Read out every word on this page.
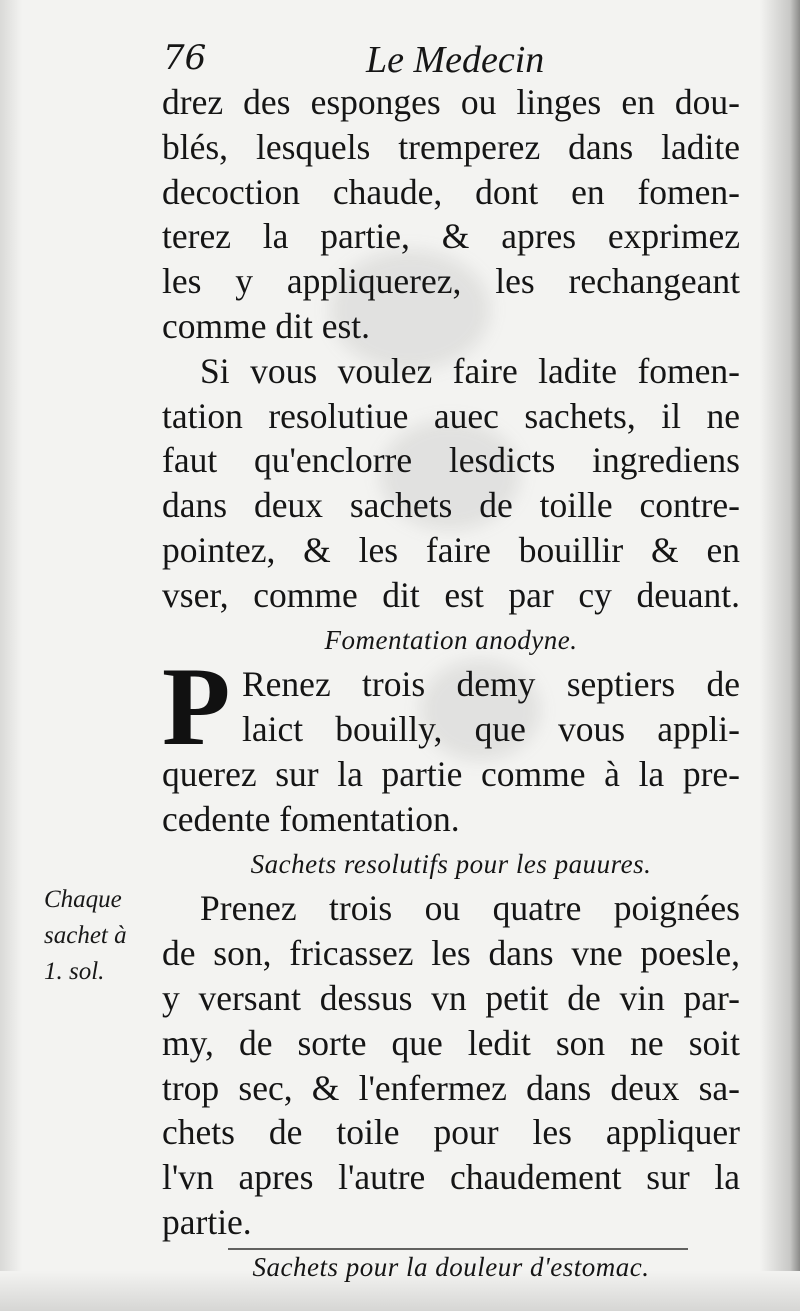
76	Le Medecin
drez des esponges ou linges en dou-
blés, lesquels tremperez dans ladite
decoction chaude, dont en fomen-
terez la partie, & apres exprimez
les y appliquerez, les rechangeant
comme dit est.
Si vous voulez faire ladite fomen-
tation resolutiue auec sachets, il ne
faut qu'enclorre lesdicts ingrediens
dans deux sachets de toille contre-
pointez, & les faire bouillir & en
vser, comme dit est par cy deuant.
Fomentation anodyne.
P Renez trois demy septiers de
laict bouilly, que vous appli-
querez sur la partie comme à la pre-
cedente fomentation.
Sachets resolutifs pour les pauures.
Prenez trois ou quatre poignées
de son, fricassez les dans vne poesle,
y versant dessus vn petit de vin par-
my, de sorte que ledit son ne soit
trop sec, & l'enfermez dans deux sa-
chets de toile pour les appliquer
l'vn apres l'autre chaudement sur la
partie.
Sachets pour la douleur d'estomac.
Chaque
sachet à
1. sol.
